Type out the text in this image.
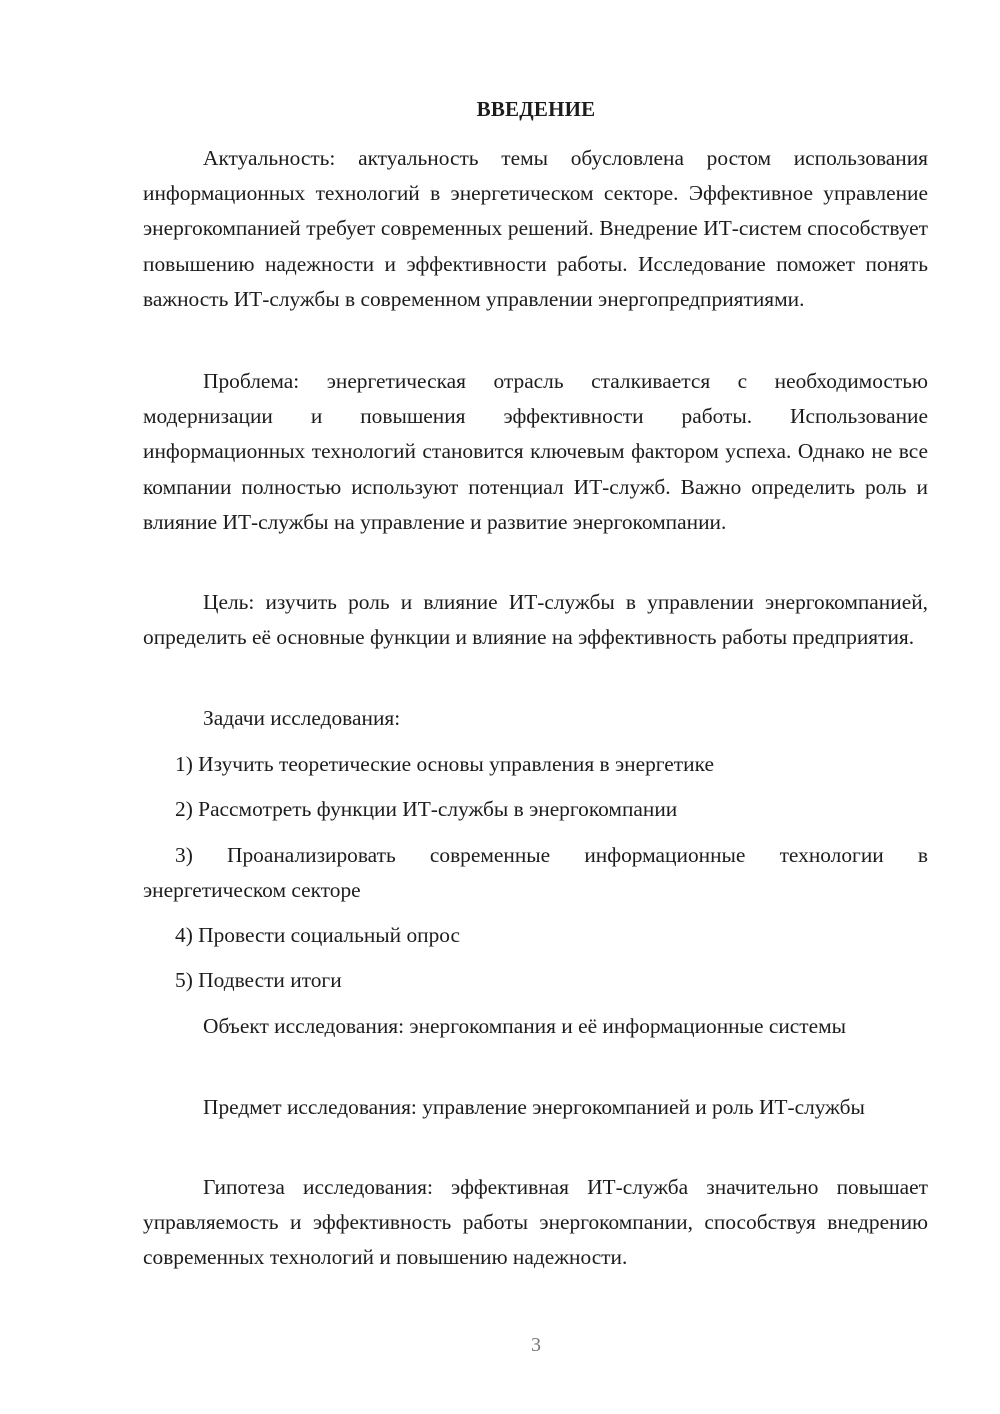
ВВЕДЕНИЕ

Актуальность: актуальность темы обусловлена ростом использования информационных технологий в энергетическом секторе. Эффективное управление энергокомпанией требует современных решений. Внедрение ИТ-систем способствует повышению надежности и эффективности работы. Исследование поможет понять важность ИТ-службы в современном управлении энергопредприятиями.

Проблема: энергетическая отрасль сталкивается с необходимостью модернизации и повышения эффективности работы. Использование информационных технологий становится ключевым фактором успеха. Однако не все компании полностью используют потенциал ИТ-служб. Важно определить роль и влияние ИТ-службы на управление и развитие энергокомпании.

Цель: изучить роль и влияние ИТ-службы в управлении энергокомпанией, определить её основные функции и влияние на эффективность работы предприятия.

Задачи исследования:

1) Изучить теоретические основы управления в энергетике

2) Рассмотреть функции ИТ-службы в энергокомпании

3) Проанализировать современные информационные технологии в энергетическом секторе

4) Провести социальный опрос

5) Подвести итоги

Объект исследования: энергокомпания и её информационные системы

Предмет исследования: управление энергокомпанией и роль ИТ-службы

Гипотеза исследования: эффективная ИТ-служба значительно повышает управляемость и эффективность работы энергокомпании, способствуя внедрению современных технологий и повышению надежности.

3
